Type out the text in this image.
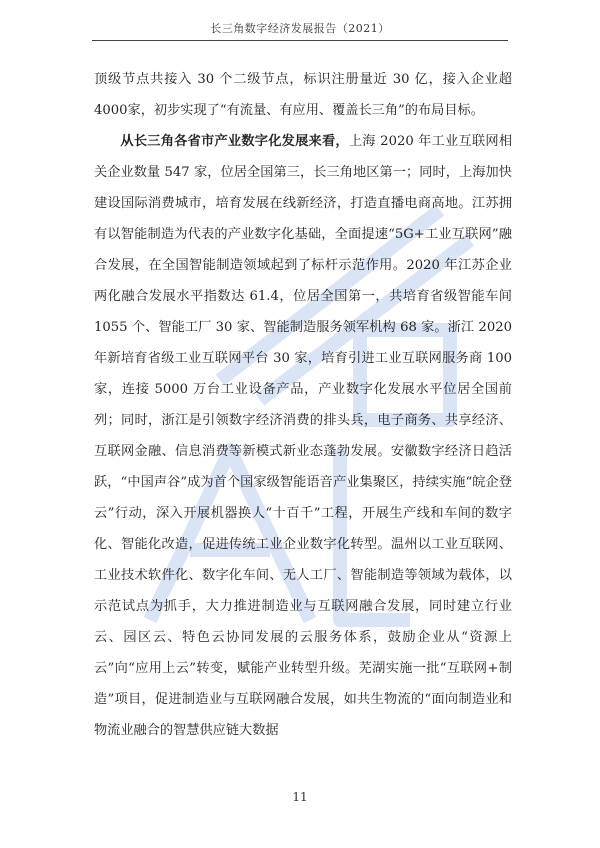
长三角数字经济发展报告（2021）

顶级节点共接入 30 个二级节点，标识注册量近 30 亿，接入企业超 4000家，初步实现了“有流量、有应用、覆盖长三角”的布局目标。

从长三角各省市产业数字化发展来看，上海 2020 年工业互联网相关企业数量 547 家，位居全国第三，长三角地区第一；同时，上海加快建设国际消费城市，培育发展在线新经济，打造直播电商高地。江苏拥有以智能制造为代表的产业数字化基础，全面提速“5G+工业互联网”融合发展，在全国智能制造领域起到了标杆示范作用。2020 年江苏企业两化融合发展水平指数达 61.4，位居全国第一，共培育省级智能车间 1055 个、智能工厂 30 家、智能制造服务领军机构 68 家。浙江 2020 年新培育省级工业互联网平台 30 家，培育引进工业互联网服务商 100 家，连接 5000 万台工业设备产品，产业数字化发展水平位居全国前列；同时，浙江是引领数字经济消费的排头兵，电子商务、共享经济、互联网金融、信息消费等新模式新业态蓬勃发展。安徽数字经济日趋活跃，“中国声谷”成为首个国家级智能语音产业集聚区，持续实施“皖企登云”行动，深入开展机器换人“十百千”工程，开展生产线和车间的数字化、智能化改造，促进传统工业企业数字化转型。温州以工业互联网、工业技术软件化、数字化车间、无人工厂、智能制造等领域为载体，以示范试点为抓手，大力推进制造业与互联网融合发展，同时建立行业云、园区云、特色云协同发展的云服务体系，鼓励企业从“资源上云”向“应用上云”转变，赋能产业转型升级。芜湖实施一批“互联网+制造”项目，促进制造业与互联网融合发展，如共生物流的“面向制造业和物流业融合的智慧供应链大数据

11
